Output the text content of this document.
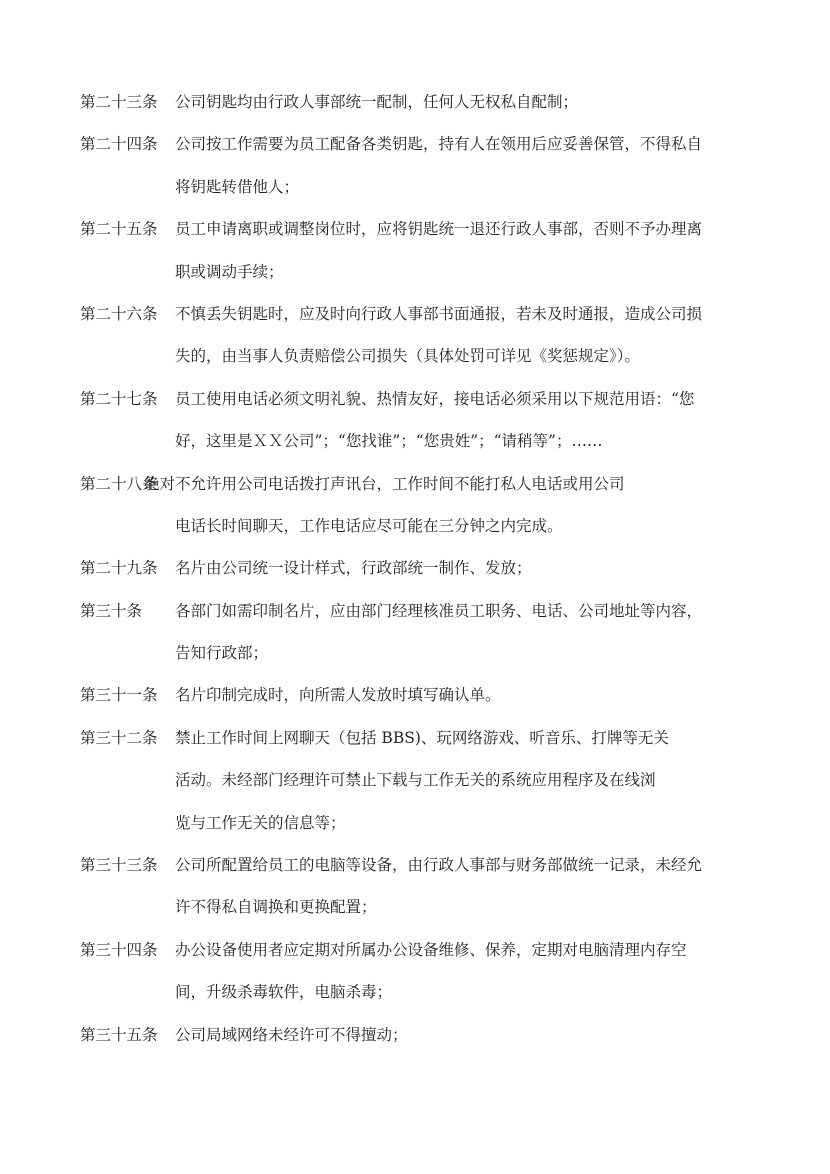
第二十三条 公司钥匙均由行政人事部统一配制，任何人无权私自配制；
第二十四条 公司按工作需要为员工配备各类钥匙，持有人在领用后应妥善保管，不得私自
将钥匙转借他人；
第二十五条 员工申请离职或调整岗位时，应将钥匙统一退还行政人事部，否则不予办理离
职或调动手续；
第二十六条 不慎丢失钥匙时，应及时向行政人事部书面通报，若未及时通报，造成公司损
失的，由当事人负责赔偿公司损失（具体处罚可详见《奖惩规定》）。
第二十七条 员工使用电话必须文明礼貌、热情友好，接电话必须采用以下规范用语：“您
好，这里是ＸＸ公司”；“您找谁”；“您贵姓”；“请稍等”；……
第二十八条
绝对不允许用公司电话拨打声讯台，工作时间不能打私人电话或用公司
电话长时间聊天，工作电话应尽可能在三分钟之内完成。
第二十九条 名片由公司统一设计样式，行政部统一制作、发放；
第三十条 各部门如需印制名片，应由部门经理核准员工职务、电话、公司地址等内容，
告知行政部；
第三十一条 名片印制完成时，向所需人发放时填写确认单。
第三十二条 禁止工作时间上网聊天（包括 BBS)、玩网络游戏、听音乐、打牌等无关
活动。未经部门经理许可禁止下载与工作无关的系统应用程序及在线浏
览与工作无关的信息等；
第三十三条 公司所配置给员工的电脑等设备，由行政人事部与财务部做统一记录，未经允
许不得私自调换和更换配置；
第三十四条 办公设备使用者应定期对所属办公设备维修、保养，定期对电脑清理内存空
间，升级杀毒软件，电脑杀毒；
第三十五条 公司局域网络未经许可不得擅动；
